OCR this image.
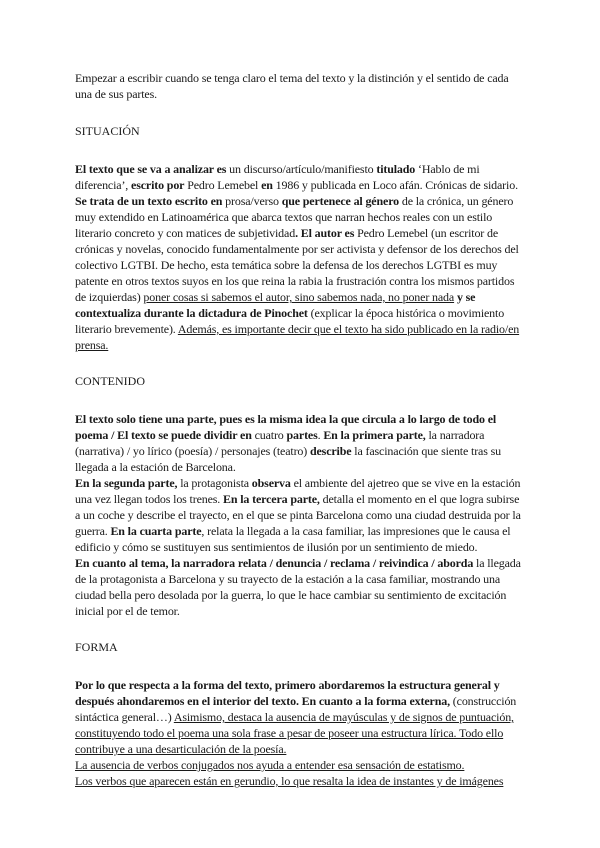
Empezar a escribir cuando se tenga claro el tema del texto y la distinción y el sentido de cada una de sus partes.

SITUACIÓN

El texto que se va a analizar es un discurso/artículo/manifiesto titulado ‘Hablo de mi diferencia’, escrito por Pedro Lemebel en 1986 y publicada en Loco afán. Crónicas de sidario. Se trata de un texto escrito en prosa/verso que pertenece al género de la crónica, un género muy extendido en Latinoamérica que abarca textos que narran hechos reales con un estilo literario concreto y con matices de subjetividad. El autor es Pedro Lemebel (un escritor de crónicas y novelas, conocido fundamentalmente por ser activista y defensor de los derechos del colectivo LGTBI. De hecho, esta temática sobre la defensa de los derechos LGTBI es muy patente en otros textos suyos en los que reina la rabia la frustración contra los mismos partidos de izquierdas) poner cosas si sabemos el autor, sino sabemos nada, no poner nada y se contextualiza durante la dictadura de Pinochet (explicar la época histórica o movimiento literario brevemente). Además, es importante decir que el texto ha sido publicado en la radio/en prensa.

CONTENIDO

El texto solo tiene una parte, pues es la misma idea la que circula a lo largo de todo el poema / El texto se puede dividir en cuatro partes. En la primera parte, la narradora (narrativa) / yo lírico (poesía) / personajes (teatro) describe la fascinación que siente tras su llegada a la estación de Barcelona.

En la segunda parte, la protagonista observa el ambiente del ajetreo que se vive en la estación una vez llegan todos los trenes. En la tercera parte, detalla el momento en el que logra subirse a un coche y describe el trayecto, en el que se pinta Barcelona como una ciudad destruida por la guerra. En la cuarta parte, relata la llegada a la casa familiar, las impresiones que le causa el edificio y cómo se sustituyen sus sentimientos de ilusión por un sentimiento de miedo.

En cuanto al tema, la narradora relata / denuncia / reclama / reivindica / aborda la llegada de la protagonista a Barcelona y su trayecto de la estación a la casa familiar, mostrando una ciudad bella pero desolada por la guerra, lo que le hace cambiar su sentimiento de excitación inicial por el de temor.

FORMA

Por lo que respecta a la forma del texto, primero abordaremos la estructura general y después ahondaremos en el interior del texto. En cuanto a la forma externa, (construcción sintáctica general…) Asimismo, destaca la ausencia de mayúsculas y de signos de puntuación, constituyendo todo el poema una sola frase a pesar de poseer una estructura lírica. Todo ello contribuye a una desarticulación de la poesía.

La ausencia de verbos conjugados nos ayuda a entender esa sensación de estatismo.

Los verbos que aparecen están en gerundio, lo que resalta la idea de instantes y de imágenes
